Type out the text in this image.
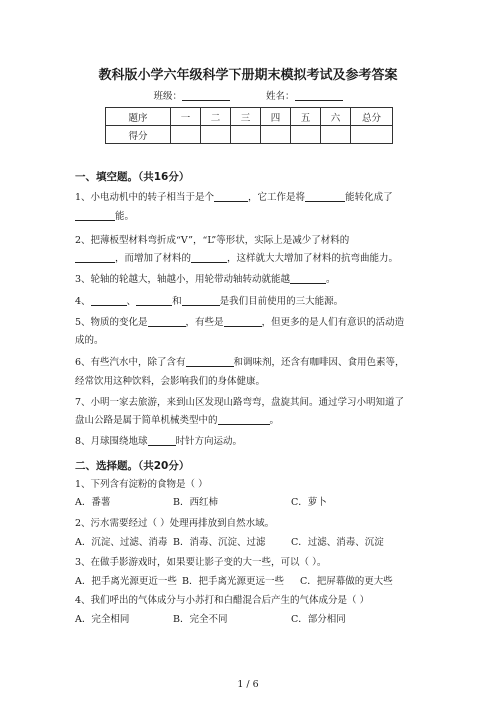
教科版小学六年级科学下册期末模拟考试及参考答案
班级：	姓名：
题序	一	二	三	四	五	六	总分
得分							
一、填空题。（共16分）
1、小电动机中的转子相当于是个	，它工作是将	能转化成了
能。
2、把薄板型材料弯折成“V”，“L”等形状，实际上是减少了材料的
，而增加了材料的	，这样就大大增加了材料的抗弯曲能力。
3、轮轴的轮越大，轴越小，用轮带动轴转动就能越	。
4、	、	和	是我们目前使用的三大能源。
5、物质的变化是	，有些是	，但更多的是人们有意识的活动造
成的。
6、有些汽水中，除了含有	和调味剂，还含有咖啡因、食用色素等，
经常饮用这种饮料，会影响我们的身体健康。
7、小明一家去旅游，来到山区发现山路弯弯，盘旋其间。通过学习小明知道了
盘山公路是属于简单机械类型中的	。
8、月球围绕地球	时针方向运动。
二、选择题。（共20分）
1、下列含有淀粉的食物是（ ）
A．番薯	B．西红柿	C．萝卜
2、污水需要经过（ ）处理再排放到自然水域。
A．沉淀、过滤、消毒 B．消毒、沉淀、过滤	C．过滤、消毒、沉淀
3、在做手影游戏时，如果要让影子变的大一些，可以（ ）。
A．把手离光源更近一些 B．把手离光源更远一些 C．把屏幕做的更大些
4、我们呼出的气体成分与小苏打和白醋混合后产生的气体成分是（ ）
A．完全相同	B．完全不同	C．部分相同
1 / 6
